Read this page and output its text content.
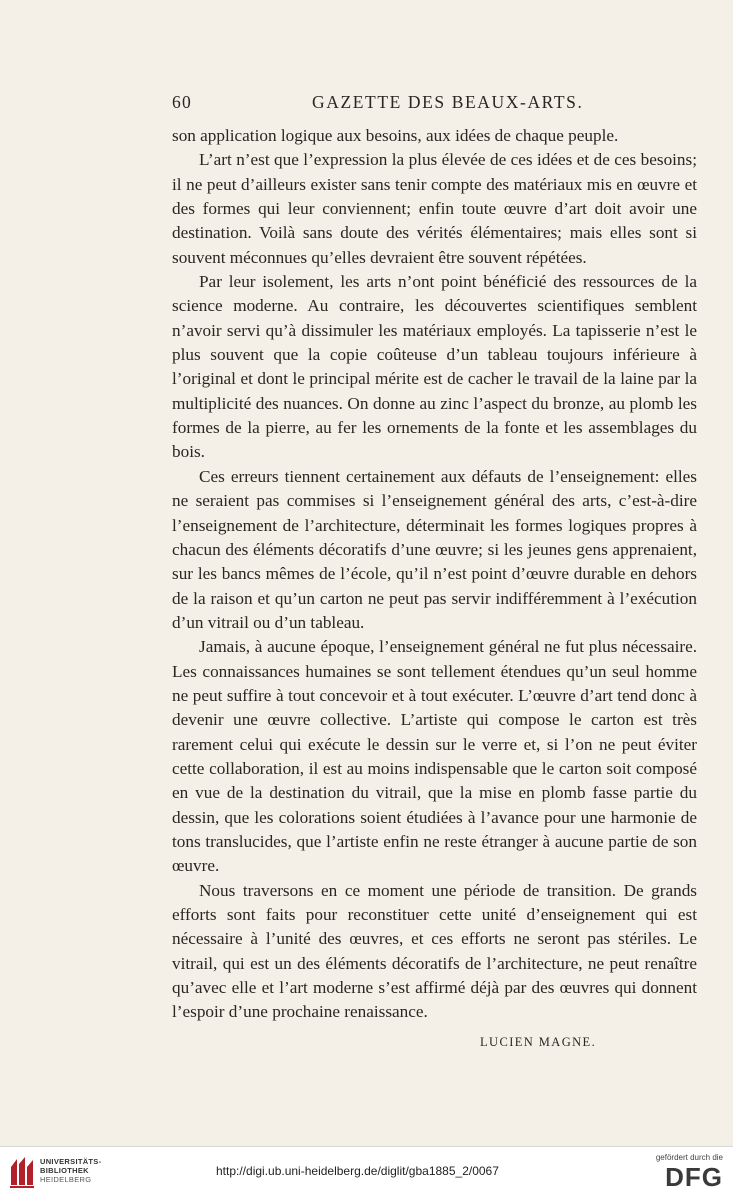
60	GAZETTE DES BEAUX-ARTS.

son application logique aux besoins, aux idées de chaque peuple.

L’art n’est que l’expression la plus élevée de ces idées et de ces besoins; il ne peut d’ailleurs exister sans tenir compte des matériaux mis en œuvre et des formes qui leur conviennent; enfin toute œuvre d’art doit avoir une destination. Voilà sans doute des vérités élémentaires; mais elles sont si souvent méconnues qu’elles devraient être souvent répétées.

Par leur isolement, les arts n’ont point bénéficié des ressources de la science moderne. Au contraire, les découvertes scientifiques semblent n’avoir servi qu’à dissimuler les matériaux employés. La tapisserie n’est le plus souvent que la copie coûteuse d’un tableau toujours inférieure à l’original et dont le principal mérite est de cacher le travail de la laine par la multiplicité des nuances. On donne au zinc l’aspect du bronze, au plomb les formes de la pierre, au fer les ornements de la fonte et les assemblages du bois.

Ces erreurs tiennent certainement aux défauts de l’enseignement: elles ne seraient pas commises si l’enseignement général des arts, c’est-à-dire l’enseignement de l’architecture, déterminait les formes logiques propres à chacun des éléments décoratifs d’une œuvre; si les jeunes gens apprenaient, sur les bancs mêmes de l’école, qu’il n’est point d’œuvre durable en dehors de la raison et qu’un carton ne peut pas servir indifféremment à l’exécution d’un vitrail ou d’un tableau.

Jamais, à aucune époque, l’enseignement général ne fut plus nécessaire. Les connaissances humaines se sont tellement étendues qu’un seul homme ne peut suffire à tout concevoir et à tout exécuter. L’œuvre d’art tend donc à devenir une œuvre collective. L’artiste qui compose le carton est très rarement celui qui exécute le dessin sur le verre et, si l’on ne peut éviter cette collaboration, il est au moins indispensable que le carton soit composé en vue de la destination du vitrail, que la mise en plomb fasse partie du dessin, que les colorations soient étudiées à l’avance pour une harmonie de tons translucides, que l’artiste enfin ne reste étranger à aucune partie de son œuvre.

Nous traversons en ce moment une période de transition. De grands efforts sont faits pour reconstituer cette unité d’enseignement qui est nécessaire à l’unité des œuvres, et ces efforts ne seront pas stériles. Le vitrail, qui est un des éléments décoratifs de l’architecture, ne peut renaître qu’avec elle et l’art moderne s’est affirmé déjà par des œuvres qui donnent l’espoir d’une prochaine renaissance.

LUCIEN MAGNE.
UNIVERSITÄTS-
BIBLIOTHEK
HEIDELBERG
http://digi.ub.uni-heidelberg.de/diglit/gba1885_2/0067
gefördert durch die
DFG
